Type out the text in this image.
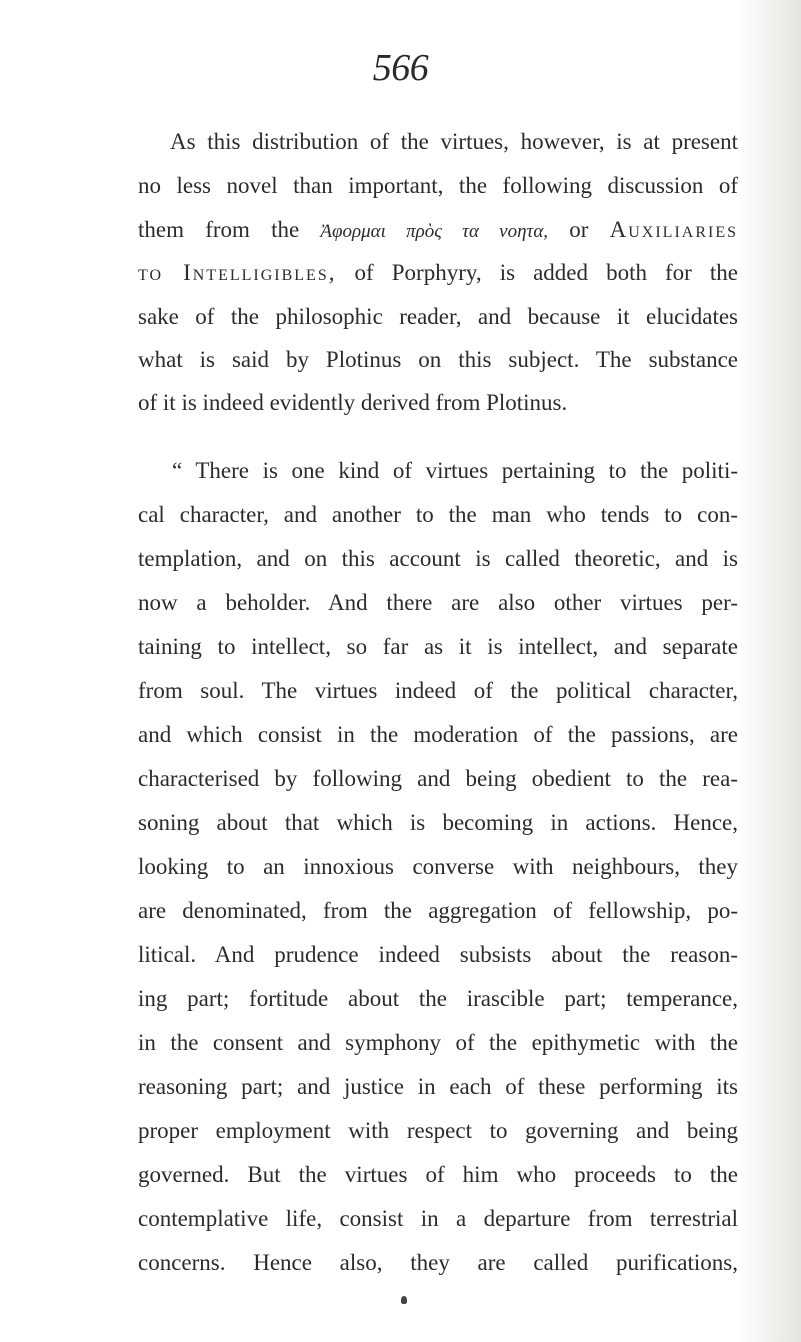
566
As this distribution of the virtues, however, is at present
no less novel than important, the following discussion of
them from the Ἀφορμαι πρὸς τα νοητα, or Auxiliaries
to Intelligibles, of Porphyry, is added both for the
sake of the philosophic reader, and because it elucidates
what is said by Plotinus on this subject. The substance
of it is indeed evidently derived from Plotinus.
“ There is one kind of virtues pertaining to the politi-
cal character, and another to the man who tends to con-
templation, and on this account is called theoretic, and is
now a beholder. And there are also other virtues per-
taining to intellect, so far as it is intellect, and separate
from soul. The virtues indeed of the political character,
and which consist in the moderation of the passions, are
characterised by following and being obedient to the rea-
soning about that which is becoming in actions. Hence,
looking to an innoxious converse with neighbours, they
are denominated, from the aggregation of fellowship, po-
litical. And prudence indeed subsists about the reason-
ing part; fortitude about the irascible part; temperance,
in the consent and symphony of the epithymetic with the
reasoning part; and justice in each of these performing its
proper employment with respect to governing and being
governed. But the virtues of him who proceeds to the
contemplative life, consist in a departure from terrestrial
concerns. Hence also, they are called purifications,
